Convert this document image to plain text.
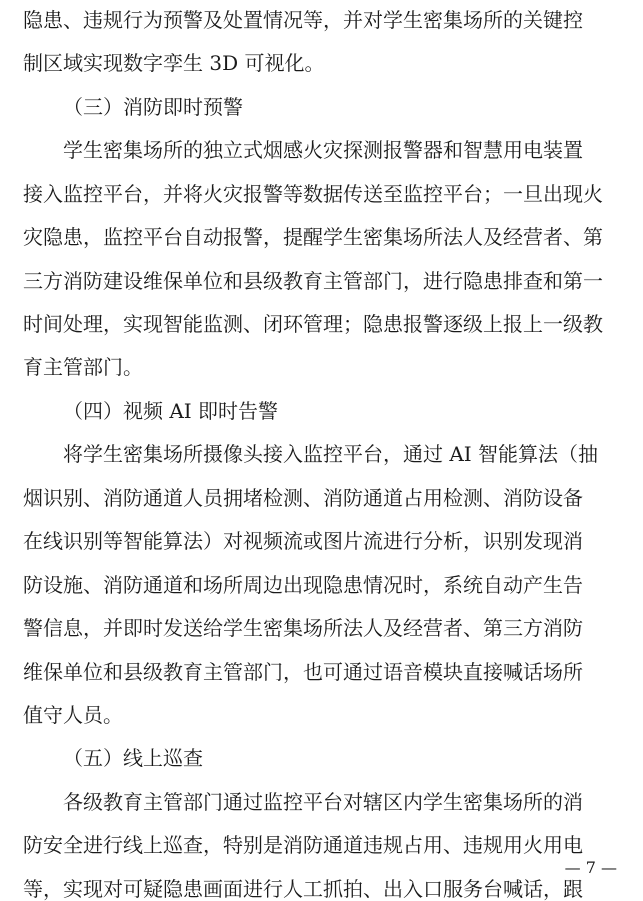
隐患、违规行为预警及处置情况等，并对学生密集场所的关键控
制区域实现数字孪生 3D 可视化。
（三）消防即时预警
学生密集场所的独立式烟感火灾探测报警器和智慧用电装置
接入监控平台，并将火灾报警等数据传送至监控平台；一旦出现火
灾隐患，监控平台自动报警，提醒学生密集场所法人及经营者、第
三方消防建设维保单位和县级教育主管部门，进行隐患排查和第一
时间处理，实现智能监测、闭环管理；隐患报警逐级上报上一级教
育主管部门。
（四）视频 AI 即时告警
将学生密集场所摄像头接入监控平台，通过 AI 智能算法（抽
烟识别、消防通道人员拥堵检测、消防通道占用检测、消防设备
在线识别等智能算法）对视频流或图片流进行分析，识别发现消
防设施、消防通道和场所周边出现隐患情况时，系统自动产生告
警信息，并即时发送给学生密集场所法人及经营者、第三方消防
维保单位和县级教育主管部门，也可通过语音模块直接喊话场所
值守人员。
（五）线上巡查
各级教育主管部门通过监控平台对辖区内学生密集场所的消
防安全进行线上巡查，特别是消防通道违规占用、违规用火用电
等，实现对可疑隐患画面进行人工抓拍、出入口服务台喊话，跟
— 7 —
